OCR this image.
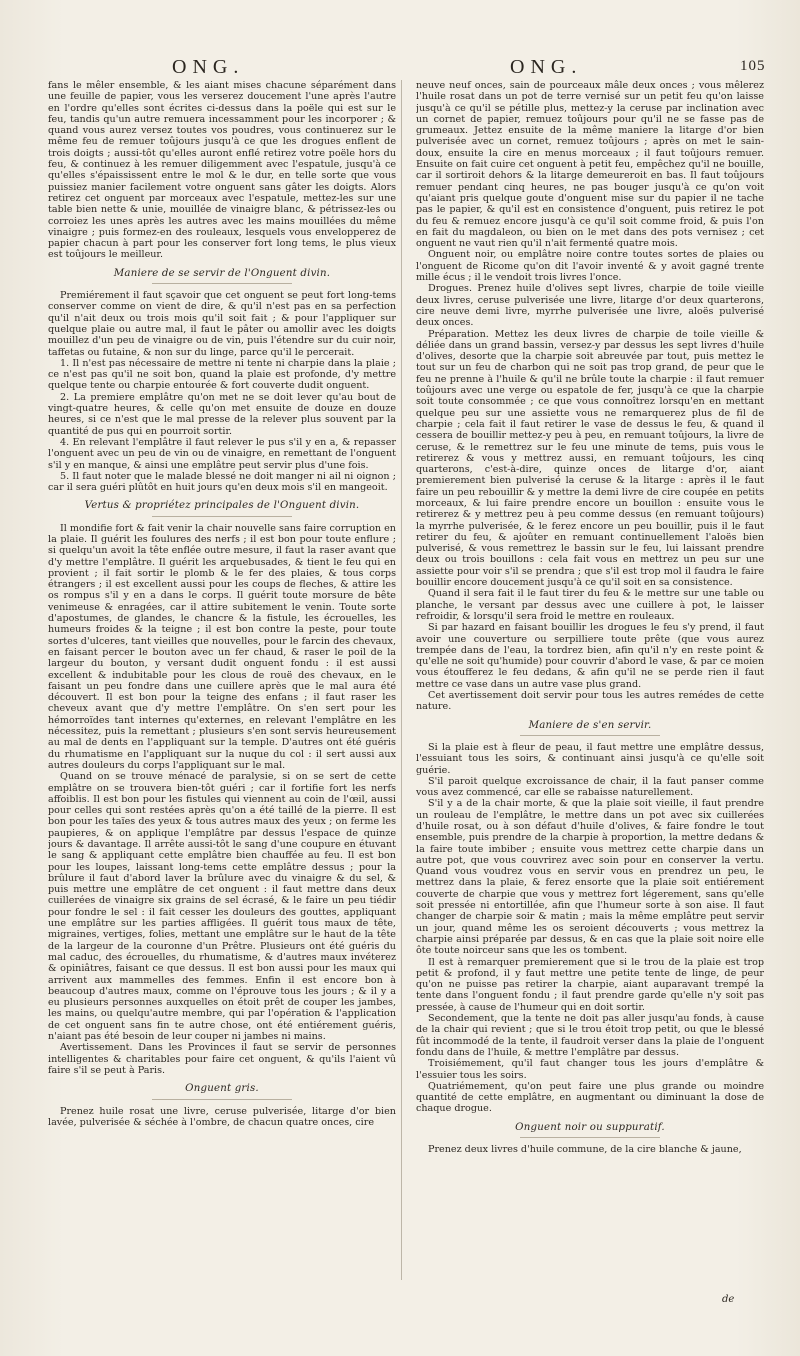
ONG.	ONG.	105

fans le mêler ensemble, & les aiant mises chacune séparément dans une feuille de papier, vous les verserez doucement l'une après l'autre en l'ordre qu'elles sont écrites ci-dessus dans la poële qui est sur le feu, tandis qu'un autre remuera incessamment pour les incorporer ; & quand vous aurez versez toutes vos poudres, vous continuerez sur le même feu de remuer toûjours jusqu'à ce que les drogues enflent de trois doigts ; aussi-tôt qu'elles auront enflé retirez votre poële hors du feu, & continuez à les remuer diligemment avec l'espatule, jusqu'à ce qu'elles s'épaississent entre le mol & le dur, en telle sorte que vous puissiez manier facilement votre onguent sans gâter les doigts. Alors retirez cet onguent par morceaux avec l'espatule, mettez-les sur une table bien nette & unie, mouillée de vinaigre blanc, & pétrissez-les ou corroiez les unes après les autres avec les mains mouillées du même vinaigre ; puis formez-en des rouleaux, lesquels vous envelopperez de papier chacun à part pour les conserver fort long tems, le plus vieux est toûjours le meilleur.

Maniere de se servir de l'Onguent divin.

Premiérement il faut sçavoir que cet onguent se peut fort long-tems conserver comme on vient de dire, & qu'il n'est pas en sa perfection qu'il n'ait deux ou trois mois qu'il soit fait ; & pour l'appliquer sur quelque plaie ou autre mal, il faut le pâter ou amollir avec les doigts mouillez d'un peu de vinaigre ou de vin, puis l'étendre sur du cuir noir, taffetas ou futaine, & non sur du linge, parce qu'il le percerait.

1. Il n'est pas nécessaire de mettre ni tente ni charpie dans la plaie ; ce n'est pas qu'il ne soit bon, quand la plaie est profonde, d'y mettre quelque tente ou charpie entourée & fort couverte dudit onguent.

2. La premiere emplâtre qu'on met ne se doit lever qu'au bout de vingt-quatre heures, & celle qu'on met ensuite de douze en douze heures, si ce n'est que le mal presse de la relever plus souvent par la quantité de pus qui en pourroit sortir.

4. En relevant l'emplâtre il faut relever le pus s'il y en a, & repasser l'onguent avec un peu de vin ou de vinaigre, en remettant de l'onguent s'il y en manque, & ainsi une emplâtre peut servir plus d'une fois.

5. Il faut noter que le malade blessé ne doit manger ni ail ni oignon ; car il sera guéri plûtôt en huit jours qu'en deux mois s'il en mangeoit.

Vertus & propriétez principales de l'Onguent divin.

Il mondifie fort & fait venir la chair nouvelle sans faire corruption en la plaie. Il guérit les foulures des nerfs ; il est bon pour toute enflure ; si quelqu'un avoit la tête enflée outre mesure, il faut la raser avant que d'y mettre l'emplâtre. Il guérit les arquebusades, & tient le feu qui en provient ; il fait sortir le plomb & le fer des plaies, & tous corps étrangers ; il est excellent aussi pour les coups de fleches, & attire les os rompus s'il y en a dans le corps. Il guérit toute morsure de bête venimeuse & enragées, car il attire subitement le venin. Toute sorte d'apostumes, de glandes, le chancre & la fistule, les écrouelles, les humeurs froides & la teigne ; il est bon contre la peste, pour toute sortes d'ulceres, tant vieilles que nouvelles, pour le farcin des chevaux, en faisant percer le bouton avec un fer chaud, & raser le poil de la largeur du bouton, y versant dudit onguent fondu : il est aussi excellent & indubitable pour les clous de rouë des chevaux, en le faisant un peu fondre dans une cuillere après que le mal aura été découvert. Il est bon pour la teigne des enfans ; il faut raser les cheveux avant que d'y mettre l'emplâtre. On s'en sert pour les hémorroïdes tant internes qu'externes, en relevant l'emplâtre en les nécessitez, puis la remettant ; plusieurs s'en sont servis heureusement au mal de dents en l'appliquant sur la temple. D'autres ont été guéris du rhumatisme en l'appliquant sur la nuque du col : il sert aussi aux autres douleurs du corps l'appliquant sur le mal.

Quand on se trouve ménacé de paralysie, si on se sert de cette emplâtre on se trouvera bien-tôt guéri ; car il fortifie fort les nerfs affoiblis. Il est bon pour les fistules qui viennent au coin de l'œil, aussi pour celles qui sont restées après qu'on a été taillé de la pierre. Il est bon pour les taïes des yeux & tous autres maux des yeux ; on ferme les paupieres, & on applique l'emplâtre par dessus l'espace de quinze jours & davantage. Il arrête aussi-tôt le sang d'une coupure en étuvant le sang & appliquant cette emplâtre bien chauffée au feu. Il est bon pour les loupes, laissant long-tems cette emplâtre dessus ; pour la brûlure il faut d'abord laver la brûlure avec du vinaigre & du sel, & puis mettre une emplâtre de cet onguent : il faut mettre dans deux cuillerées de vinaigre six grains de sel écrasé, & le faire un peu tiédir pour fondre le sel : il fait cesser les douleurs des gouttes, appliquant une emplâtre sur les parties affligées. Il guérit tous maux de tête, migraines, vertiges, folies, mettant une emplâtre sur le haut de la tête de la largeur de la couronne d'un Prêtre. Plusieurs ont été guéris du mal caduc, des écrouelles, du rhumatisme, & d'autres maux invéterez & opiniâtres, faisant ce que dessus. Il est bon aussi pour les maux qui arrivent aux mammelles des femmes. Enfin il est encore bon à beaucoup d'autres maux, comme on l'éprouve tous les jours ; & il y a eu plusieurs personnes auxquelles on étoit prêt de couper les jambes, les mains, ou quelqu'autre membre, qui par l'opération & l'application de cet onguent sans fin te autre chose, ont été entiérement guéris, n'aiant pas été besoin de leur couper ni jambes ni mains.

Avertissement. Dans les Provinces il faut se servir de personnes intelligentes & charitables pour faire cet onguent, & qu'ils l'aient vû faire s'il se peut à Paris.

Onguent gris.

Prenez huile rosat une livre, ceruse pulverisée, litarge d'or bien lavée, pulverisée & séchée à l'ombre, de chacun quatre onces, cire

neuve neuf onces, sain de pourceaux mâle deux onces ; vous mêlerez l'huile rosat dans un pot de terre vernisé sur un petit feu qu'on laisse jusqu'à ce qu'il se pétille plus, mettez-y la ceruse par inclination avec un cornet de papier, remuez toûjours pour qu'il ne se fasse pas de grumeaux. Jettez ensuite de la même maniere la litarge d'or bien pulverisée avec un cornet, remuez toûjours ; après on met le sain-doux, ensuite la cire en menus morceaux ; il faut toûjours remuer. Ensuite on fait cuire cet onguent à petit feu, empêchez qu'il ne bouille, car il sortiroit dehors & la litarge demeureroit en bas. Il faut toûjours remuer pendant cinq heures, ne pas bouger jusqu'à ce qu'on voit qu'aiant pris quelque goute d'onguent mise sur du papier il ne tache pas le papier, & qu'il est en consistence d'onguent, puis retirez le pot du feu & remuez encore jusqu'à ce qu'il soit comme froid, & puis l'on en fait du magdaleon, ou bien on le met dans des pots vernisez ; cet onguent ne vaut rien qu'il n'ait fermenté quatre mois.

Onguent noir, ou emplâtre noire contre toutes sortes de plaies ou l'onguent de Ricome qu'on dit l'avoir inventé & y avoit gagné trente mille écus ; il le vendoit trois livres l'once.

Drogues. Prenez huile d'olives sept livres, charpie de toile vieille deux livres, ceruse pulverisée une livre, litarge d'or deux quarterons, cire neuve demi livre, myrrhe pulverisée une livre, aloës pulverisé deux onces.

Préparation. Mettez les deux livres de charpie de toile vieille & déliée dans un grand bassin, versez-y par dessus les sept livres d'huile d'olives, desorte que la charpie soit abreuvée par tout, puis mettez le tout sur un feu de charbon qui ne soit pas trop grand, de peur que le feu ne prenne à l'huile & qu'il ne brûle toute la charpie : il faut remuer toûjours avec une verge ou espatole de fer, jusqu'à ce que la charpie soit toute consommée ; ce que vous connoîtrez lorsqu'en en mettant quelque peu sur une assiette vous ne remarquerez plus de fil de charpie ; cela fait il faut retirer le vase de dessus le feu, & quand il cessera de bouillir mettez-y peu à peu, en remuant toûjours, la livre de ceruse, & le remettrez sur le feu une minute de tems, puis vous le retirerez & vous y mettrez aussi, en remuant toûjours, les cinq quarterons, c'est-à-dire, quinze onces de litarge d'or, aiant premierement bien pulverisé la ceruse & la litarge : après il le faut faire un peu rebouillir & y mettre la demi livre de cire coupée en petits morceaux, & lui faire prendre encore un bouillon : ensuite vous le retirerez & y mettrez peu à peu comme dessus (en remuant toûjours) la myrrhe pulverisée, & le ferez encore un peu bouillir, puis il le faut retirer du feu, & ajoûter en remuant continuellement l'aloës bien pulverisé, & vous remettrez le bassin sur le feu, lui laissant prendre deux ou trois bouillons : cela fait vous en mettrez un peu sur une assiette pour voir s'il se prendra ; que s'il est trop mol il faudra le faire bouillir encore doucement jusqu'à ce qu'il soit en sa consistence.

Quand il sera fait il le faut tirer du feu & le mettre sur une table ou planche, le versant par dessus avec une cuillere à pot, le laisser refroidir, & lorsqu'il sera froid le mettre en rouleaux.

Si par hazard en faisant bouillir les drogues le feu s'y prend, il faut avoir une couverture ou serpilliere toute prête (que vous aurez trempée dans de l'eau, la tordrez bien, afin qu'il n'y en reste point & qu'elle ne soit qu'humide) pour couvrir d'abord le vase, & par ce moien vous étoufferez le feu dedans, & afin qu'il ne se perde rien il faut mettre ce vase dans un autre vase plus grand.

Cet avertissement doit servir pour tous les autres remédes de cette nature.

Maniere de s'en servir.

Si la plaie est à fleur de peau, il faut mettre une emplâtre dessus, l'essuiant tous les soirs, & continuant ainsi jusqu'à ce qu'elle soit guérie.

S'il paroit quelque excroissance de chair, il la faut panser comme vous avez commencé, car elle se rabaisse naturellement.

S'il y a de la chair morte, & que la plaie soit vieille, il faut prendre un rouleau de l'emplâtre, le mettre dans un pot avec six cuillerées d'huile rosat, ou à son défaut d'huile d'olives, & faire fondre le tout ensemble, puis prendre de la charpie à proportion, la mettre dedans & la faire toute imbiber ; ensuite vous mettrez cette charpie dans un autre pot, que vous couvrirez avec soin pour en conserver la vertu. Quand vous voudrez vous en servir vous en prendrez un peu, le mettrez dans la plaie, & ferez ensorte que la plaie soit entiérement couverte de charpie que vous y mettrez fort légerement, sans qu'elle soit pressée ni entortillée, afin que l'humeur sorte à son aise. Il faut changer de charpie soir & matin ; mais la même emplâtre peut servir un jour, quand même les os seroient découverts ; vous mettrez la charpie ainsi préparée par dessus, & en cas que la plaie soit noire elle ôte toute noirceur sans que les os tombent.

Il est à remarquer premierement que si le trou de la plaie est trop petit & profond, il y faut mettre une petite tente de linge, de peur qu'on ne puisse pas retirer la charpie, aiant auparavant trempé la tente dans l'onguent fondu ; il faut prendre garde qu'elle n'y soit pas pressée, à cause de l'humeur qui en doit sortir.

Secondement, que la tente ne doit pas aller jusqu'au fonds, à cause de la chair qui revient ; que si le trou étoit trop petit, ou que le blessé fût incommodé de la tente, il faudroit verser dans la plaie de l'onguent fondu dans de l'huile, & mettre l'emplâtre par dessus.

Troisiémement, qu'il faut changer tous les jours d'emplâtre & l'essuier tous les soirs.

Quatriémement, qu'on peut faire une plus grande ou moindre quantité de cette emplâtre, en augmentant ou diminuant la dose de chaque drogue.

Onguent noir ou suppuratif.

Prenez deux livres d'huile commune, de la cire blanche & jaune,

de
